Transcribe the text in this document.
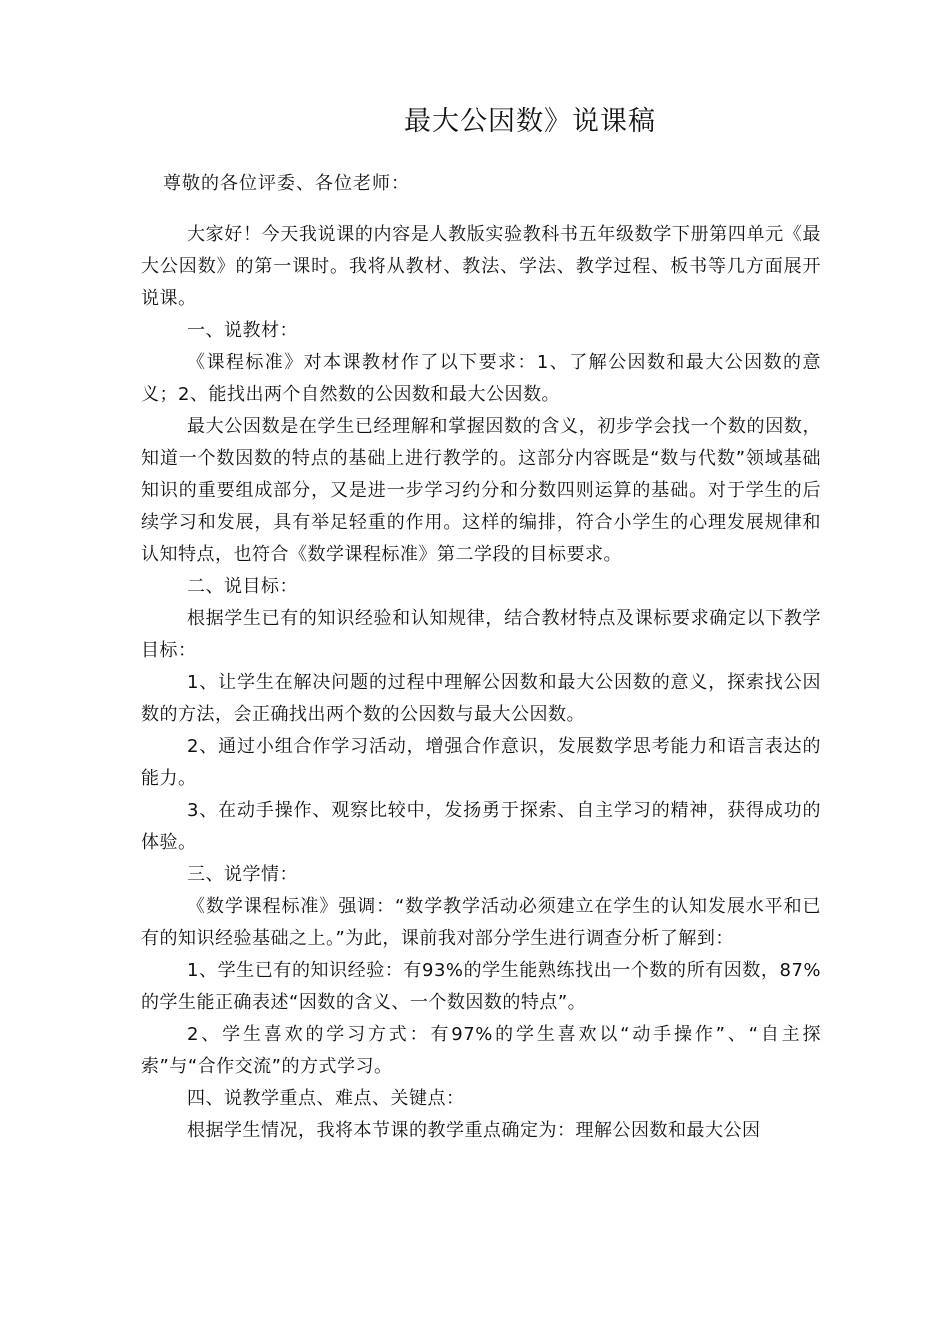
最大公因数》说课稿
尊敬的各位评委、各位老师：

大家好！今天我说课的内容是人教版实验教科书五年级数学下册第四单元《最大公因数》的第一课时。我将从教材、教法、学法、教学过程、板书等几方面展开说课。

一、说教材：

《课程标准》对本课教材作了以下要求：1、了解公因数和最大公因数的意义；2、能找出两个自然数的公因数和最大公因数。

最大公因数是在学生已经理解和掌握因数的含义，初步学会找一个数的因数，知道一个数因数的特点的基础上进行教学的。这部分内容既是“数与代数”领域基础知识的重要组成部分，又是进一步学习约分和分数四则运算的基础。对于学生的后续学习和发展，具有举足轻重的作用。这样的编排，符合小学生的心理发展规律和认知特点，也符合《数学课程标准》第二学段的目标要求。

二、说目标：

根据学生已有的知识经验和认知规律，结合教材特点及课标要求确定以下教学目标：

1、让学生在解决问题的过程中理解公因数和最大公因数的意义，探索找公因数的方法，会正确找出两个数的公因数与最大公因数。

2、通过小组合作学习活动，增强合作意识，发展数学思考能力和语言表达的能力。

3、在动手操作、观察比较中，发扬勇于探索、自主学习的精神，获得成功的体验。

三、说学情：

《数学课程标准》强调：“数学教学活动必须建立在学生的认知发展水平和已有的知识经验基础之上。”为此，课前我对部分学生进行调查分析了解到：

1、学生已有的知识经验：有93%的学生能熟练找出一个数的所有因数，87%的学生能正确表述“因数的含义、一个数因数的特点”。

2、学生喜欢的学习方式：有97%的学生喜欢以“动手操作”、“自主探索”与“合作交流”的方式学习。

四、说教学重点、难点、关键点：

根据学生情况，我将本节课的教学重点确定为：理解公因数和最大公因
